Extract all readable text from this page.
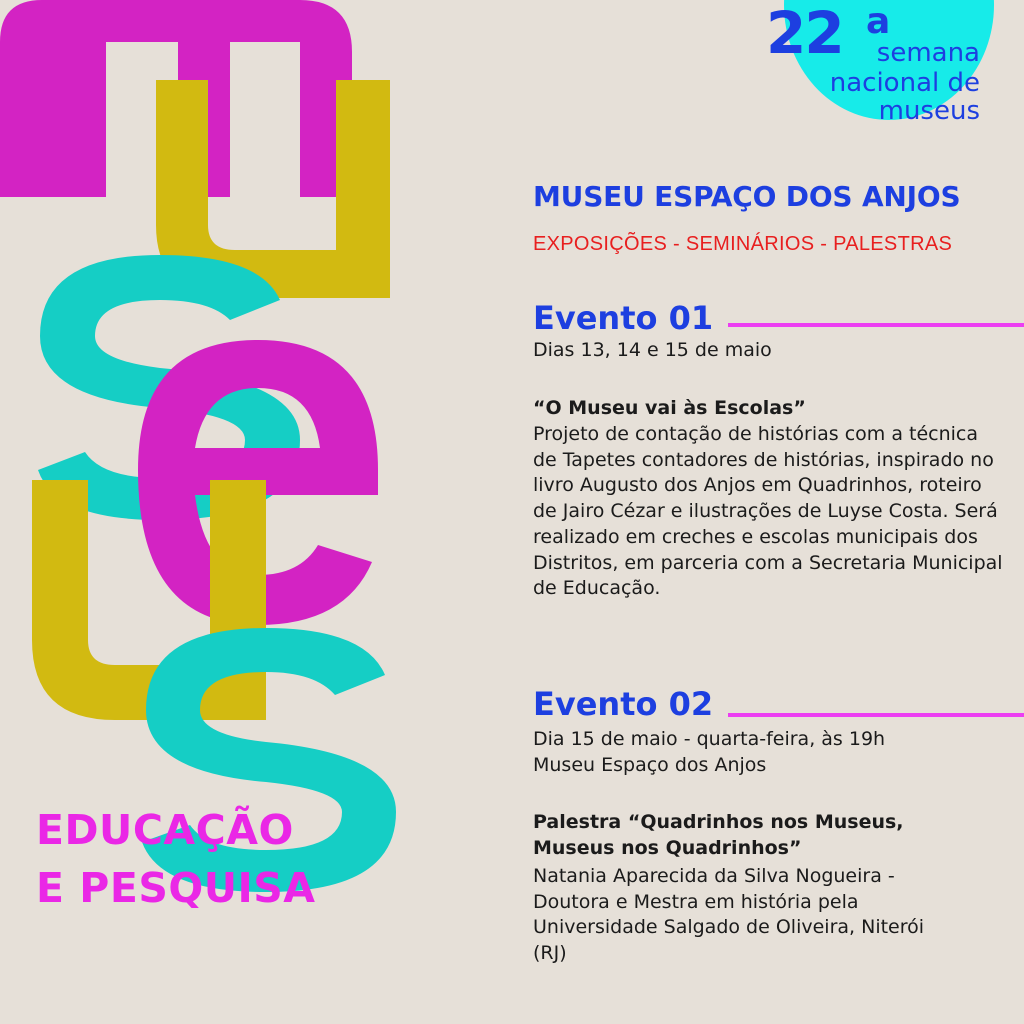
22 a

semana

nacional de

museus

MUSEU ESPAÇO DOS ANJOS

EXPOSIÇÕES - SEMINÁRIOS - PALESTRAS

Evento 01

Dias 13, 14 e 15 de maio

“O Museu vai às Escolas”

Projeto de contação de histórias com a técnica de Tapetes contadores de histórias, inspirado no livro Augusto dos Anjos em Quadrinhos, roteiro de Jairo Cézar e ilustrações de Luyse Costa. Será realizado em creches e escolas municipais dos Distritos, em parceria com a Secretaria Municipal de Educação.

Evento 02

Dia 15 de maio - quarta-feira, às 19h

Museu Espaço dos Anjos

Palestra “Quadrinhos nos Museus, Museus nos Quadrinhos”

Natania Aparecida da Silva Nogueira - Doutora e Mestra em história pela Universidade Salgado de Oliveira, Niterói (RJ)

EDUCAÇÃO

E PESQUISA
